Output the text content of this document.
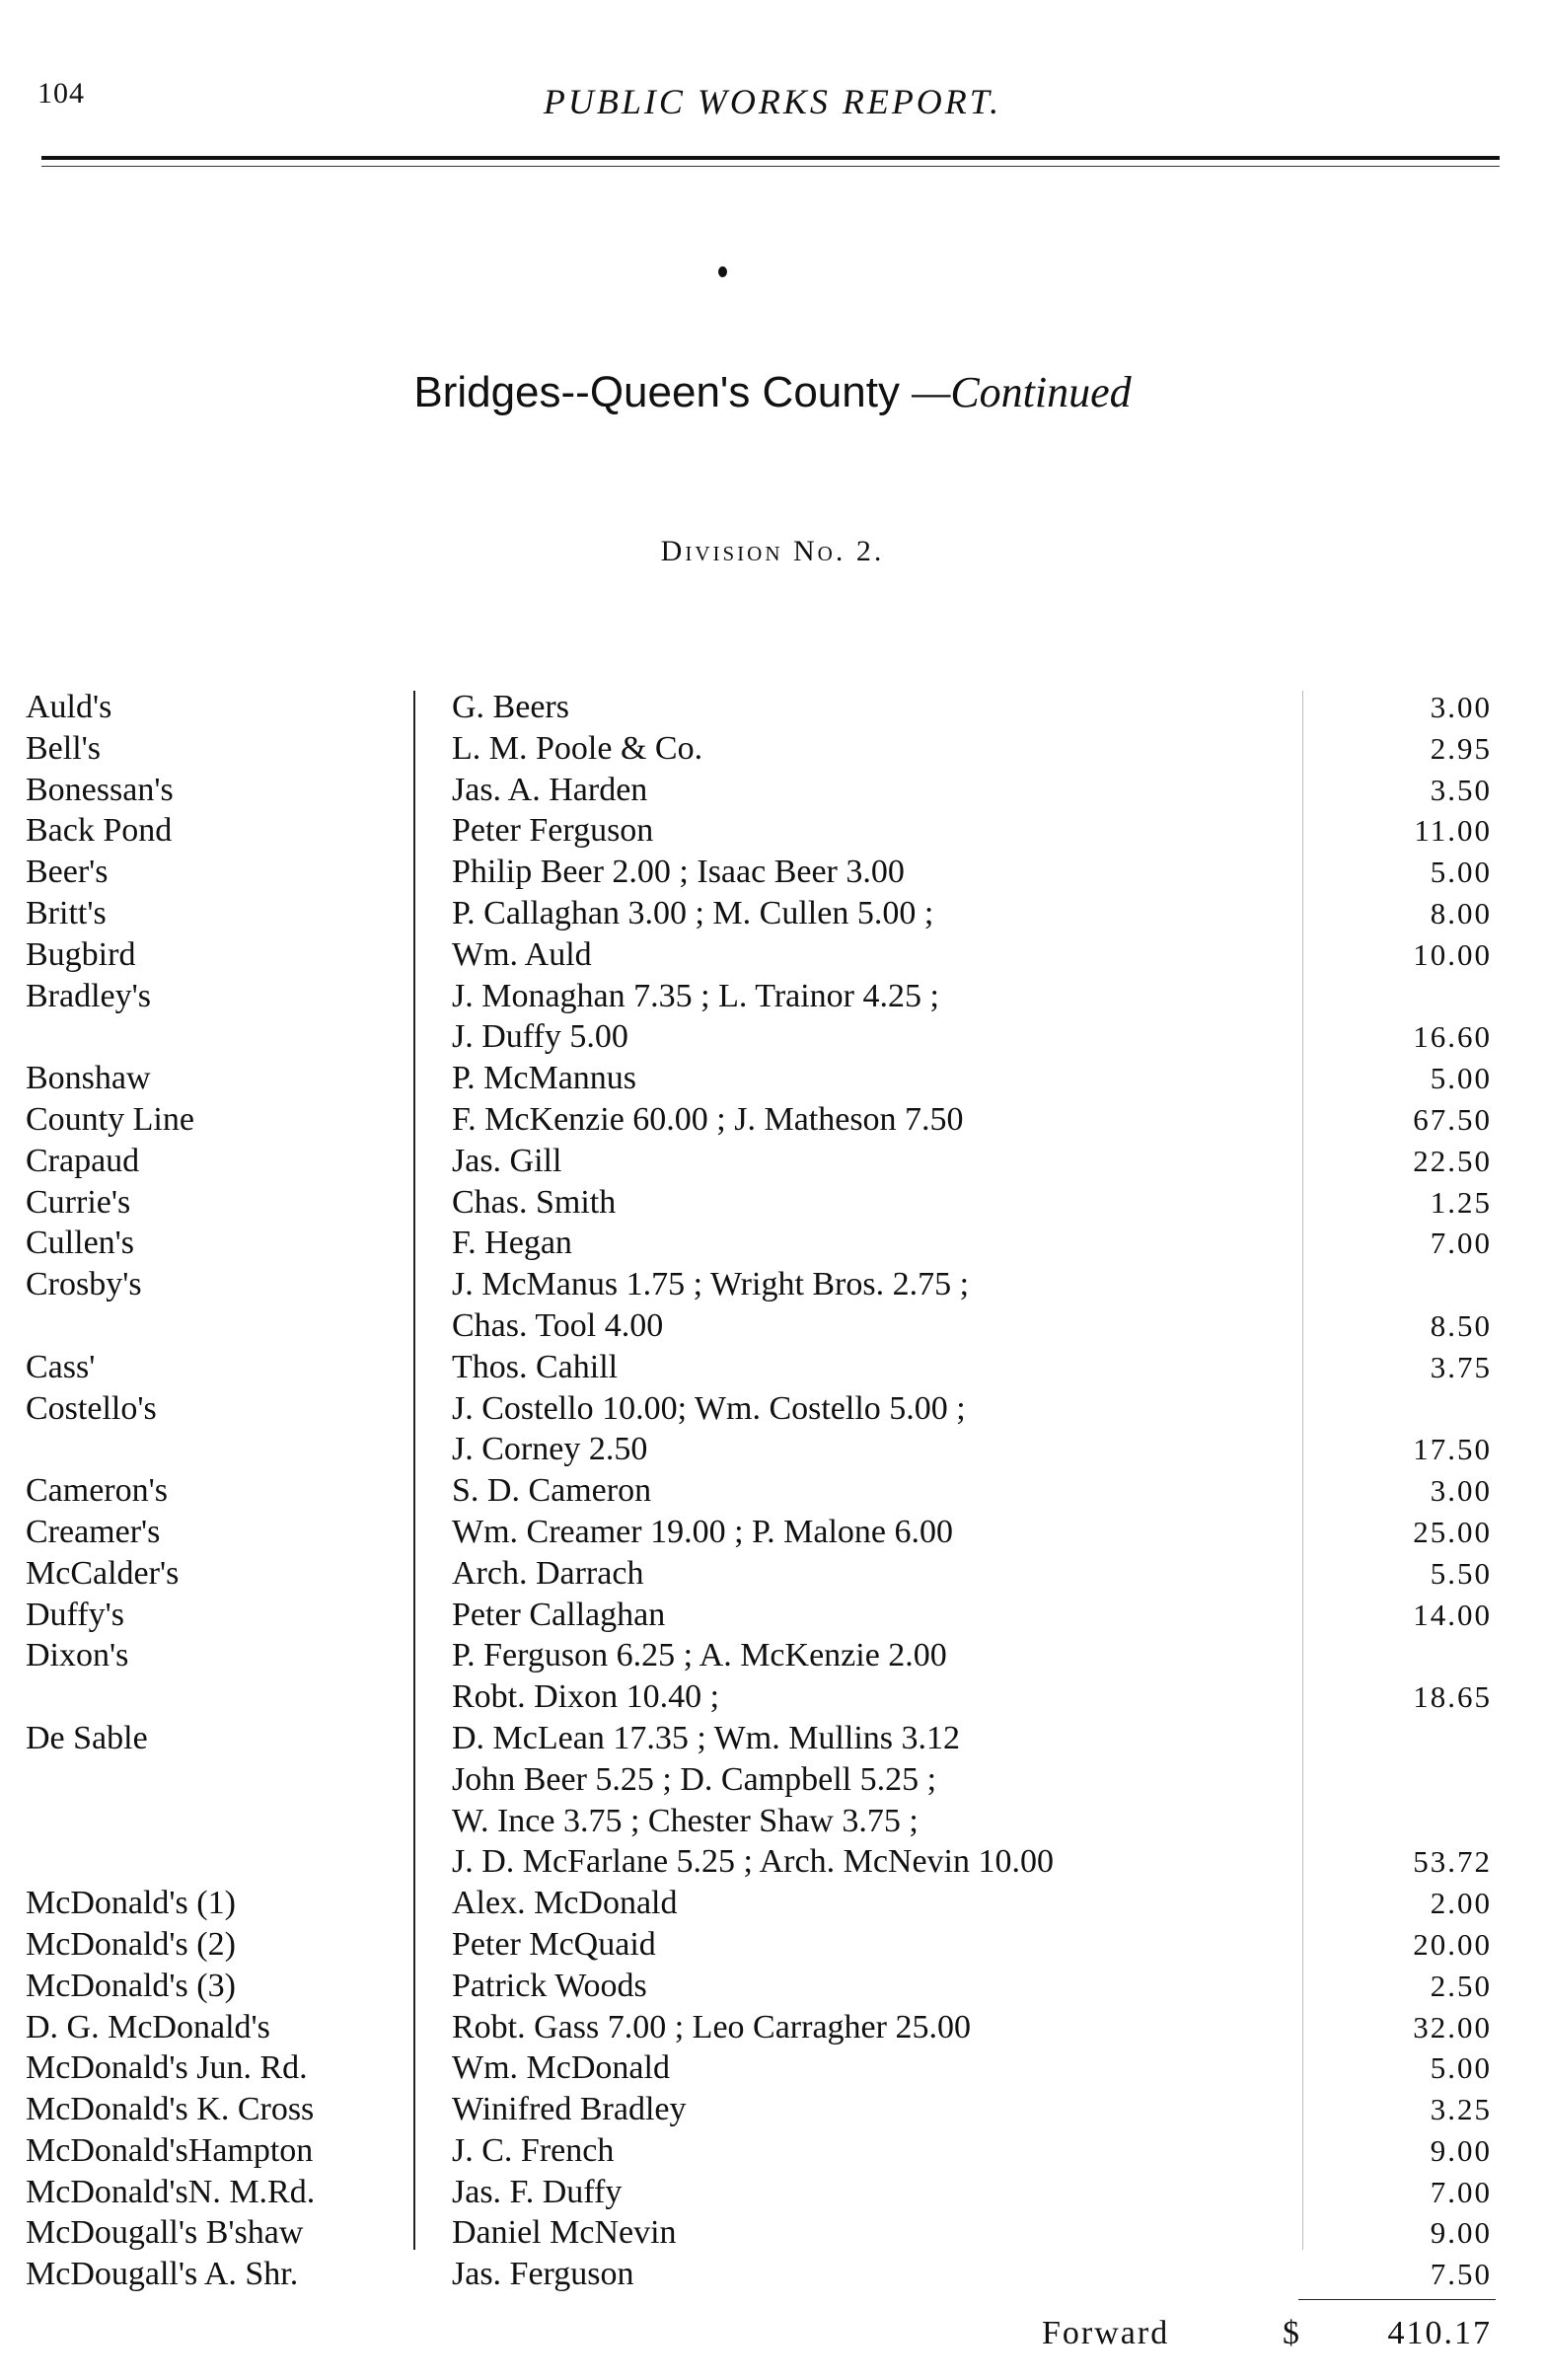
104	PUBLIC WORKS REPORT.
Bridges--Queen's County —Continued
Division No. 2.
Auld's	G. Beers	3.00
Bell's	L. M. Poole & Co.	2.95
Bonessan's	Jas. A. Harden	3.50
Back Pond	Peter Ferguson	11.00
Beer's	Philip Beer 2.00 ; Isaac Beer 3.00	5.00
Britt's	P. Callaghan 3.00 ; M. Cullen 5.00 ;	8.00
Bugbird	Wm. Auld	10.00
Bradley's	J. Monaghan 7.35 ; L. Trainor 4.25 ;
J. Duffy 5.00	16.60
Bonshaw	P. McMannus	5.00
County Line	F. McKenzie 60.00 ; J. Matheson 7.50	67.50
Crapaud	Jas. Gill	22.50
Currie's	Chas. Smith	1.25
Cullen's	F. Hegan	7.00
Crosby's	J. McManus 1.75 ; Wright Bros. 2.75 ;
Chas. Tool 4.00	8.50
Cass'	Thos. Cahill	3.75
Costello's	J. Costello 10.00; Wm. Costello 5.00 ;
J. Corney 2.50	17.50
Cameron's	S. D. Cameron	3.00
Creamer's	Wm. Creamer 19.00 ; P. Malone 6.00	25.00
McCalder's	Arch. Darrach	5.50
Duffy's	Peter Callaghan	14.00
Dixon's	P. Ferguson 6.25 ; A. McKenzie 2.00
Robt. Dixon 10.40 ;	18.65
De Sable	D. McLean 17.35 ; Wm. Mullins 3.12
John Beer 5.25 ; D. Campbell 5.25 ;
W. Ince 3.75 ; Chester Shaw 3.75 ;
J. D. McFarlane 5.25 ; Arch. McNevin 10.00	53.72
McDonald's (1)	Alex. McDonald	2.00
McDonald's (2)	Peter McQuaid	20.00
McDonald's (3)	Patrick Woods	2.50
D. G. McDonald's	Robt. Gass 7.00 ; Leo Carragher 25.00	32.00
McDonald's Jun. Rd.	Wm. McDonald	5.00
McDonald's K. Cross	Winifred Bradley	3.25
McDonald'sHampton	J. C. French	9.00
McDonald'sN. M.Rd.	Jas. F. Duffy	7.00
McDougall's B'shaw	Daniel McNevin	9.00
McDougall's A. Shr.	Jas. Ferguson	7.50
Forward	$	410.17
